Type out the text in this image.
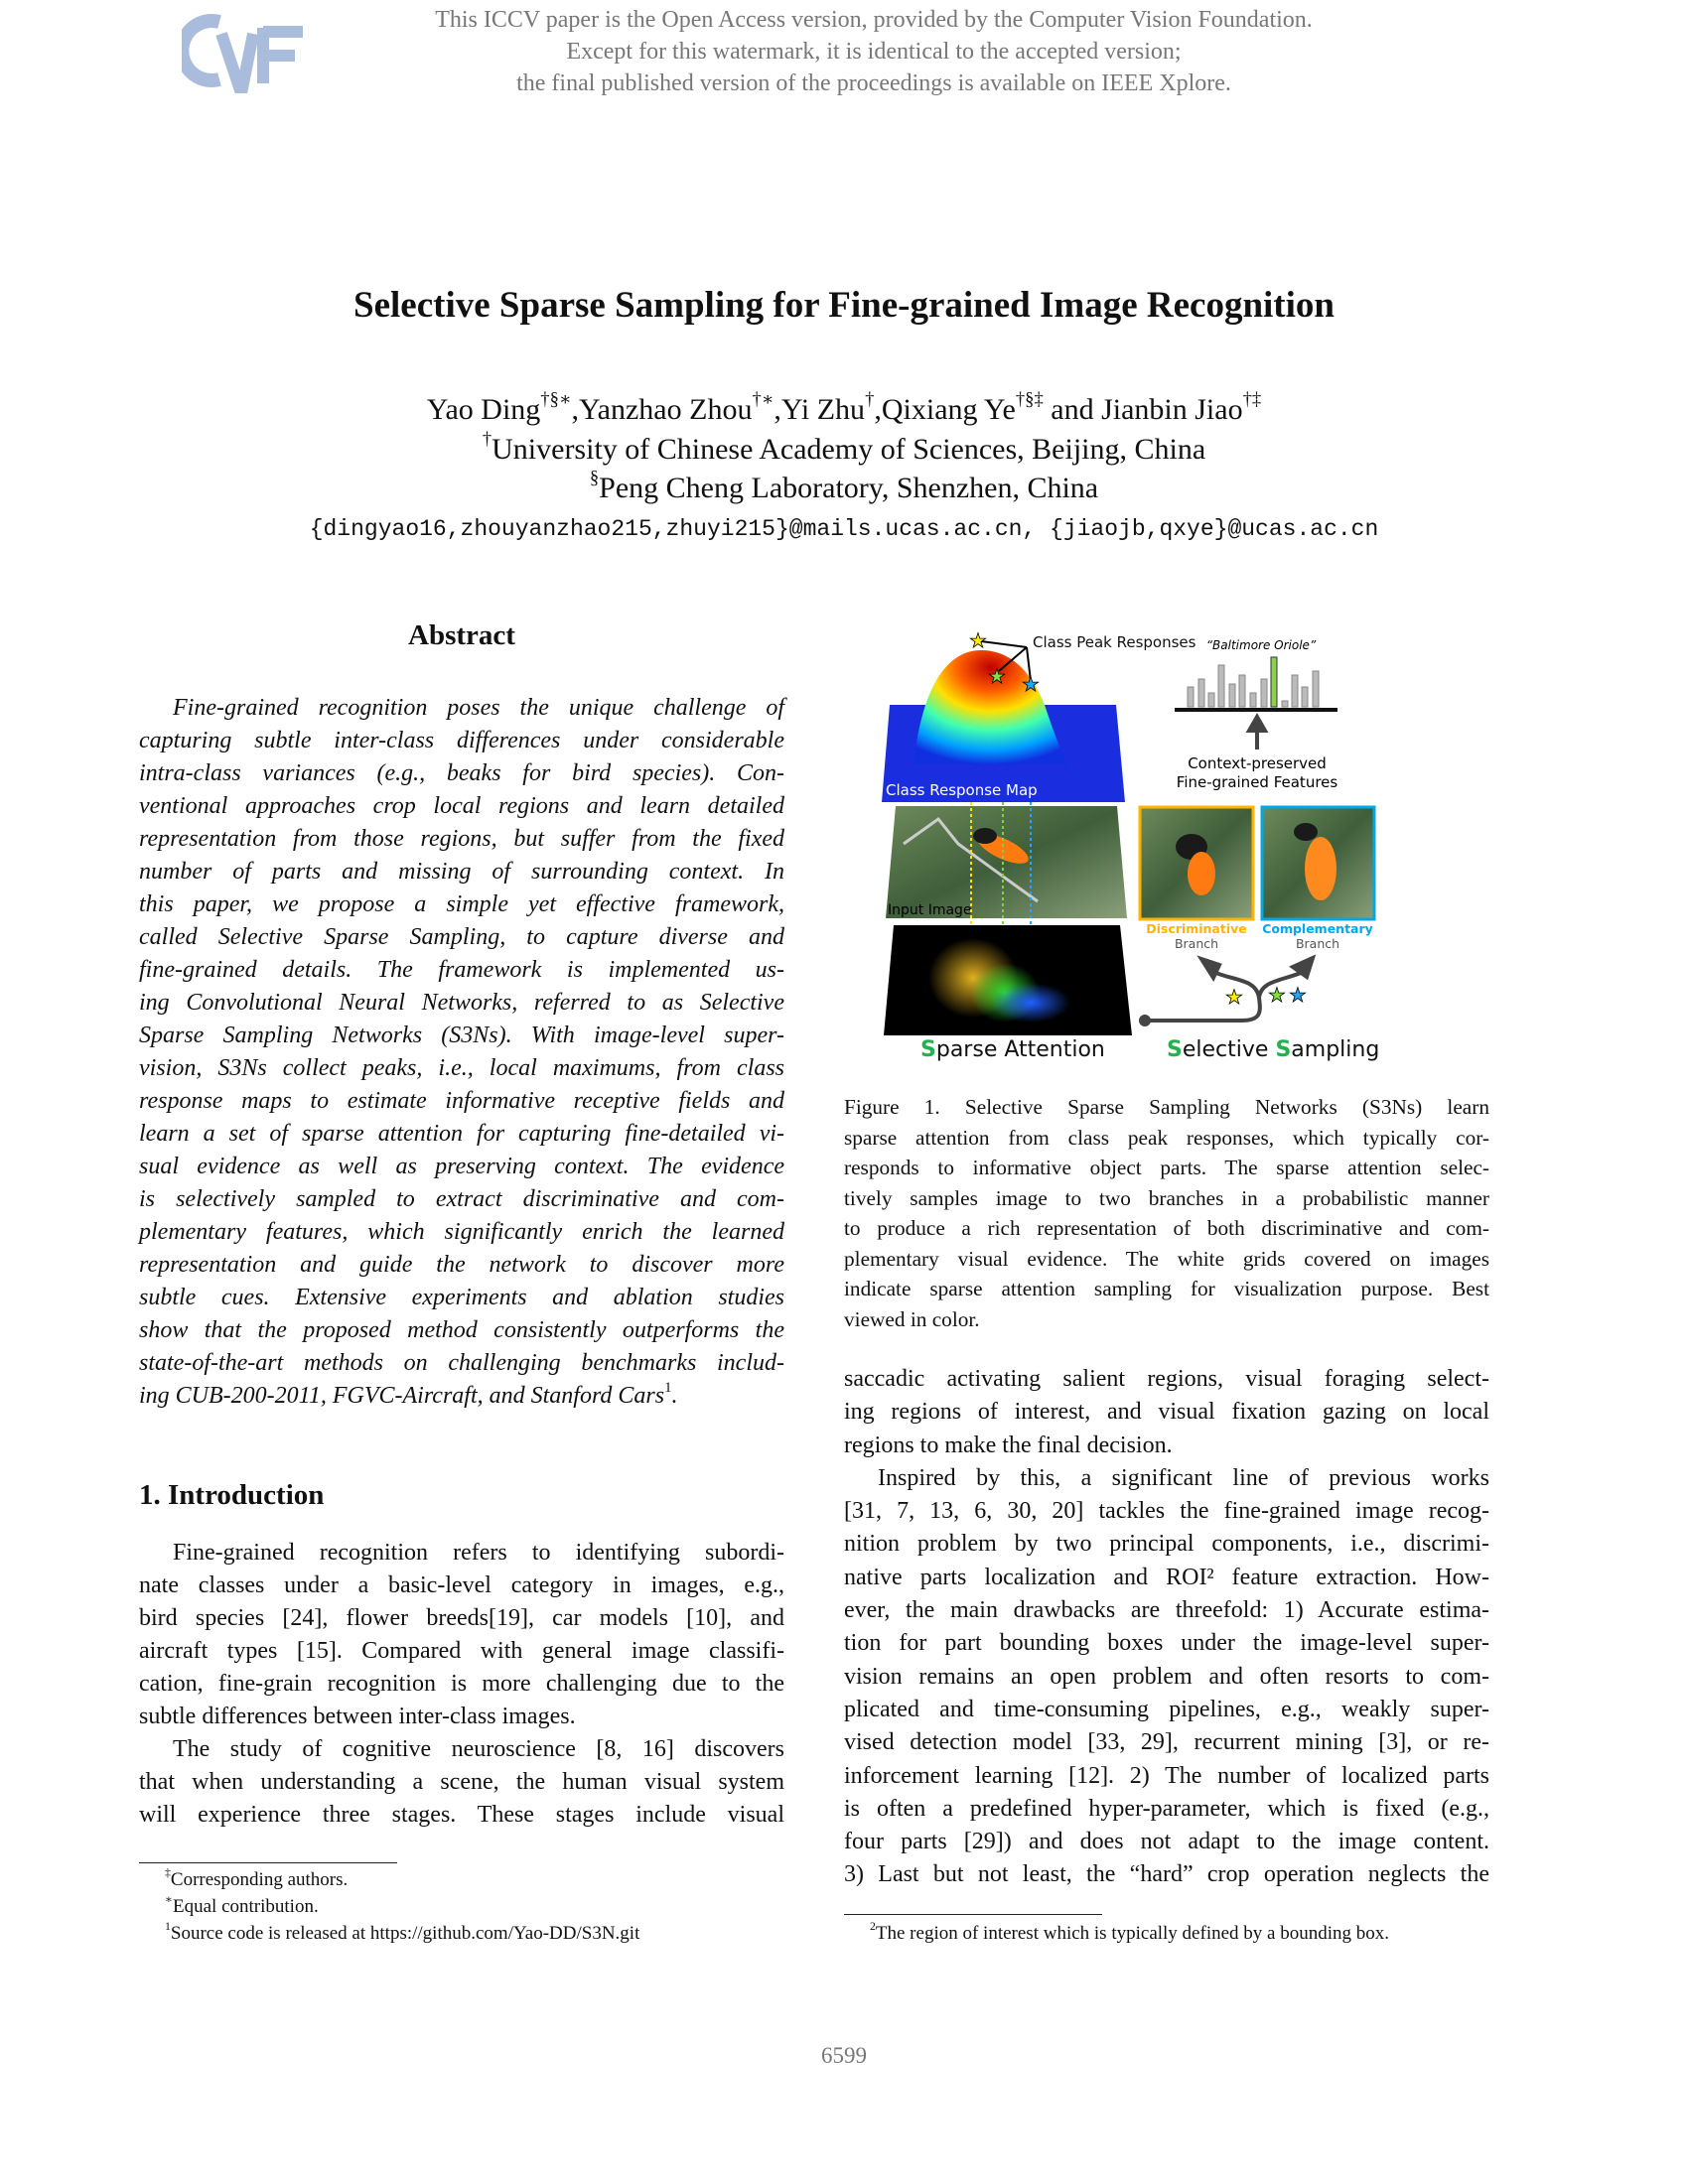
This ICCV paper is the Open Access version, provided by the Computer Vision Foundation.
Except for this watermark, it is identical to the accepted version;
the final published version of the proceedings is available on IEEE Xplore.
Selective Sparse Sampling for Fine-grained Image Recognition
Yao Ding†§∗,Yanzhao Zhou†∗,Yi Zhu†,Qixiang Ye†§‡ and Jianbin Jiao†‡
†University of Chinese Academy of Sciences, Beijing, China
§Peng Cheng Laboratory, Shenzhen, China
{dingyao16,zhouyanzhao215,zhuyi215}@mails.ucas.ac.cn, {jiaojb,qxye}@ucas.ac.cn
Abstract
Fine-grained recognition poses the unique challenge of
capturing subtle inter-class differences under considerable
intra-class variances (e.g., beaks for bird species). Con-
ventional approaches crop local regions and learn detailed
representation from those regions, but suffer from the fixed
number of parts and missing of surrounding context. In
this paper, we propose a simple yet effective framework,
called Selective Sparse Sampling, to capture diverse and
fine-grained details. The framework is implemented us-
ing Convolutional Neural Networks, referred to as Selective
Sparse Sampling Networks (S3Ns). With image-level super-
vision, S3Ns collect peaks, i.e., local maximums, from class
response maps to estimate informative receptive fields and
learn a set of sparse attention for capturing fine-detailed vi-
sual evidence as well as preserving context. The evidence
is selectively sampled to extract discriminative and com-
plementary features, which significantly enrich the learned
representation and guide the network to discover more
subtle cues. Extensive experiments and ablation studies
show that the proposed method consistently outperforms the
state-of-the-art methods on challenging benchmarks includ-
ing CUB-200-2011, FGVC-Aircraft, and Stanford Cars$^1$.
1. Introduction
Fine-grained recognition refers to identifying subordi-
nate classes under a basic-level category in images, e.g.,
bird species [24], flower breeds[19], car models [10], and
aircraft types [15]. Compared with general image classifi-
cation, fine-grain recognition is more challenging due to the
subtle differences between inter-class images.
The study of cognitive neuroscience [8, 16] discovers
that when understanding a scene, the human visual system
will experience three stages. These stages include visual
‡Corresponding authors.
∗Equal contribution.
$^1$Source code is released at https://github.com/Yao-DD/S3N.git
Class Response Map
★
★ ★
Class Peak Responses
Input Image
Sparse Attention
“Baltimore Oriole”
Context-preserved
Fine-grained Features
Discriminative
Branch
Complementary
Branch
★ ★ ★
Selective Sampling
Figure 1. Selective Sparse Sampling Networks (S3Ns) learn
sparse attention from class peak responses, which typically cor-
responds to informative object parts. The sparse attention selec-
tively samples image to two branches in a probabilistic manner
to produce a rich representation of both discriminative and com-
plementary visual evidence. The white grids covered on images
indicate sparse attention sampling for visualization purpose. Best
viewed in color.
saccadic activating salient regions, visual foraging select-
ing regions of interest, and visual fixation gazing on local
regions to make the final decision.
Inspired by this, a significant line of previous works
[31, 7, 13, 6, 30, 20] tackles the fine-grained image recog-
nition problem by two principal components, i.e., discrimi-
native parts localization and ROI² feature extraction. How-
ever, the main drawbacks are threefold: 1) Accurate estima-
tion for part bounding boxes under the image-level super-
vision remains an open problem and often resorts to com-
plicated and time-consuming pipelines, e.g., weakly super-
vised detection model [33, 29], recurrent mining [3], or re-
inforcement learning [12]. 2) The number of localized parts
is often a predefined hyper-parameter, which is fixed (e.g.,
four parts [29]) and does not adapt to the image content.
3) Last but not least, the “hard” crop operation neglects the
$^2$The region of interest which is typically defined by a bounding box.
6599
